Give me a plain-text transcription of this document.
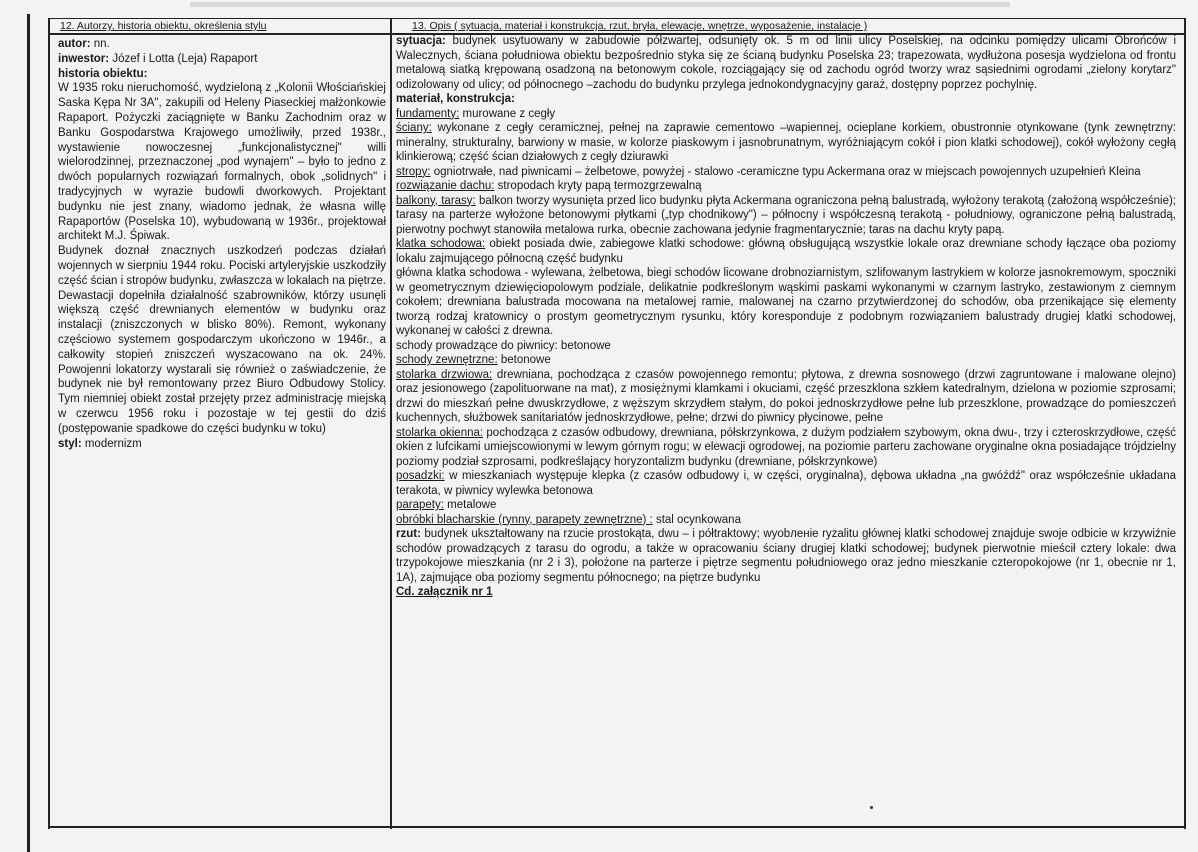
12. Autorzy, historia obiektu, określenia stylu	13. Opis ( sytuacja, materiał i konstrukcja, rzut, bryła, elewacje, wnętrze, wyposażenie, instalacje )

autor: nn.

inwestor: Józef i Lotta (Leja) Rapaport

historia obiektu:

W 1935 roku nieruchomość, wydzieloną z „Kolonii Włościańskiej Saska Kępa Nr 3A", zakupili od Heleny Piaseckiej małżonkowie Rapaport. Pożyczki zaciągnięte w Banku Zachodnim oraz w Banku Gospodarstwa Krajowego umożliwiły, przed 1938r., wystawienie nowoczesnej „funkcjonalistycznej" willi wielorodzinnej, przeznaczonej „pod wynajem" – było to jedno z dwóch popularnych rozwiązań formalnych, obok „solidnych" i tradycyjnych w wyrazie budowli dworkowych. Projektant budynku nie jest znany, wiadomo jednak, że własna willę Rapaportów (Poselska 10), wybudowaną w 1936r., projektował architekt M.J. Śpiwak.

Budynek doznał znacznych uszkodzeń podczas działań wojennych w sierpniu 1944 roku. Pociski artyleryjskie uszkodziły część ścian i stropów budynku, zwłaszcza w lokalach na piętrze. Dewastacji dopełniła działalność szabrowników, którzy usunęli większą część drewnianych elementów w budynku oraz instalacji (zniszczonych w blisko 80%). Remont, wykonany częściowo systemem gospodarczym ukończono w 1946r., a całkowity stopień zniszczeń wyszacowano na ok. 24%. Powojenni lokatorzy wystarali się również o zaświadczenie, że budynek nie był remontowany przez Biuro Odbudowy Stolicy. Tym niemniej obiekt został przejęty przez administrację miejską w czerwcu 1956 roku i pozostaje w tej gestii do dziś (postępowanie spadkowe do części budynku w toku)

styl: modernizm

sytuacja: budynek usytuowany w zabudowie półzwartej, odsunięty ok. 5 m od linii ulicy Poselskiej, na odcinku pomiędzy ulicami Obrońców i Walecznych, ściana południowa obiektu bezpośrednio styka się ze ścianą budynku Poselska 23; trapezowata, wydłużona posesja wydzielona od frontu metalową siatką krępowaną osadzoną na betonowym cokole, rozciągający się od zachodu ogród tworzy wraz sąsiednimi ogrodami „zielony korytarz" odizolowany od ulicy; od północnego –zachodu do budynku przylega jednokondygnacyjny garaż, dostępny poprzez pochylnię.

materiał, konstrukcja:

fundamenty: murowane z cegły

ściany: wykonane z cegły ceramicznej, pełnej na zaprawie cementowo –wapiennej, ocieplane korkiem, obustronnie otynkowane (tynk zewnętrzny: mineralny, strukturalny, barwiony w masie, w kolorze piaskowym i jasnobrunatnym, wyróżniającym cokół i pion klatki schodowej), cokół wyłożony cegłą klinkierową; część ścian działowych z cegły dziurawki

stropy: ogniotrwałe, nad piwnicami – żelbetowe, powyżej - stalowo -ceramiczne typu Ackermana oraz w miejscach powojennych uzupełnień Kleina

rozwiązanie dachu: stropodach kryty papą termozgrzewalną

balkony, tarasy: balkon tworzy wysunięta przed lico budynku płyta Ackermana ograniczona pełną balustradą, wyłożony terakotą (założoną współcześnie); tarasy na parterze wyłożone betonowymi płytkami („typ chodnikowy") – północny i współczesną terakotą - południowy, ograniczone pełną balustradą, pierwotny pochwyt stanowiła metalowa rurka, obecnie zachowana jedynie fragmentarycznie; taras na dachu kryty papą.

klatka schodowa: obiekt posiada dwie, zabiegowe klatki schodowe: główną obsługującą wszystkie lokale oraz drewniane schody łączące oba poziomy lokalu zajmującego północną część budynku

główna klatka schodowa - wylewana, żelbetowa, biegi schodów licowane drobnoziarnistym, szlifowanym lastrykiem w kolorze jasnokremowym, spoczniki w geometrycznym dziewięciopolowym podziale, delikatnie podkreślonym wąskimi paskami wykonanymi w czarnym lastryko, zestawionym z ciemnym cokołem; drewniana balustrada mocowana na metalowej ramie, malowanej na czarno przytwierdzonej do schodów, oba przenikające się elementy tworzą rodzaj kratownicy o prostym geometrycznym rysunku, który koresponduje z podobnym rozwiązaniem balustrady drugiej klatki schodowej, wykonanej w całości z drewna.

schody prowadzące do piwnicy: betonowe

schody zewnętrzne: betonowe

stolarka drzwiowa: drewniana, pochodząca z czasów powojennego remontu; płytowa, z drewna sosnowego (drzwi zagruntowane i malowane olejno) oraz jesionowego (zapolituorwane na mat), z mosiężnymi klamkami i okuciami, część przeszklona szkłem katedralnym, dzielona w poziomie szprosami; drzwi do mieszkań pełne dwuskrzydłowe, z węższym skrzydłem stałym, do pokoi jednoskrzydłowe pełne lub przeszklone, prowadzące do pomieszczeń kuchennych, służbowek sanitariatów jednoskrzydłowe, pełne; drzwi do piwnicy płycinowe, pełne

stolarka okienna: pochodząca z czasów odbudowy, drewniana, półskrzynkowa, z dużym podziałem szybowym, okna dwu-, trzy i czteroskrzydłowe, część okien z lufcikami umiejscowionymi w lewym górnym rogu; w elewacji ogrodowej, na poziomie parteru zachowane oryginalne okna posiadające trójdzielny poziomy podział szprosami, podkreślający horyzontalizm budynku (drewniane, półskrzynkowe)

posadzki: w mieszkaniach występuje klepka (z czasów odbudowy i, w części, oryginalna), dębowa układna „na gwóźdź" oraz współcześnie układana terakota, w piwnicy wylewka betonowa

parapety: metalowe

obróbki blacharskie (rynny, parapety zewnętrzne) : stal ocynkowana

rzut: budynek ukształtowany na rzucie prostokąta, dwu – i półtraktowy; wyobленie ryzalitu głównej klatki schodowej znajduje swoje odbicie w krzywiźnie schodów prowadzących z tarasu do ogrodu, a także w opracowaniu ściany drugiej klatki schodowej; budynek pierwotnie mieścił cztery lokale: dwa trzypokojowe mieszkania (nr 2 i 3), położone na parterze i piętrze segmentu południowego oraz jedno mieszkanie czteropokojowe (nr 1, obecnie nr 1, 1A), zajmujące oba poziomy segmentu północnego; na piętrze budynku

Cd. załącznik nr 1
